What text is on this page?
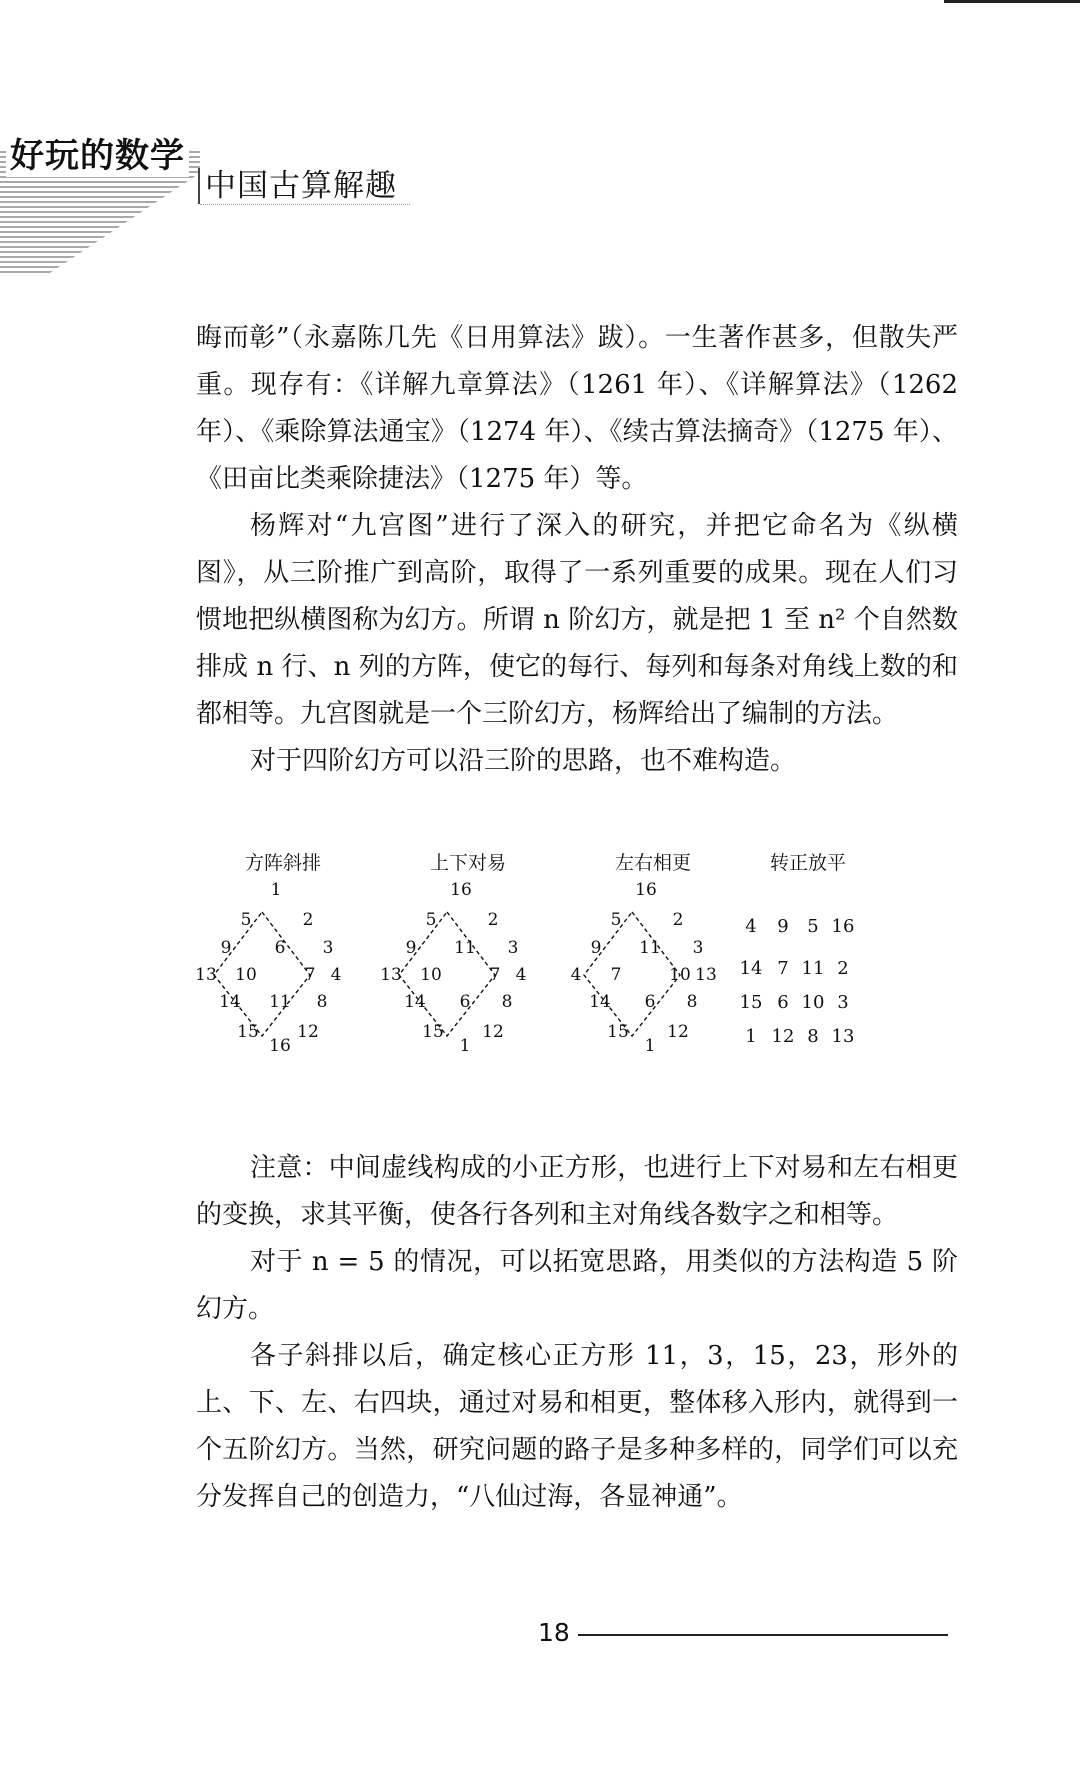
好玩的数学
中国古算解趣

晦而彰”（永嘉陈几先《日用算法》跋）。一生著作甚多，但散失严重。现存有：《详解九章算法》（1261 年）、《详解算法》（1262 年）、《乘除算法通宝》（1274 年）、《续古算法摘奇》（1275 年）、《田亩比类乘除捷法》（1275 年）等。

杨辉对“九宫图”进行了深入的研究，并把它命名为《纵横图》，从三阶推广到高阶，取得了一系列重要的成果。现在人们习惯地把纵横图称为幻方。所谓 n 阶幻方，就是把 1 至 n² 个自然数排成 n 行、n 列的方阵，使它的每行、每列和每条对角线上数的和都相等。九宫图就是一个三阶幻方，杨辉给出了编制的方法。

对于四阶幻方可以沿三阶的思路，也不难构造。

方阵斜排
1
5	2
9	6 3
13 10	7 4
14 11 8
15 12
16
上下对易
16
5	2
9 11 3
13 10	7 4
14 6 8
15 12
1
左右相更
16
5	2
9 11 3
4 7	10 13
14 6 8
15 12
1
转正放平
4 9 5 16
14 7 11 2
15 6 10 3
1 12 8 13

注意：中间虚线构成的小正方形，也进行上下对易和左右相更的变换，求其平衡，使各行各列和主对角线各数字之和相等。

对于 n = 5 的情况，可以拓宽思路，用类似的方法构造 5 阶幻方。

各子斜排以后，确定核心正方形 11，3，15，23，形外的上、下、左、右四块，通过对易和相更，整体移入形内，就得到一个五阶幻方。当然，研究问题的路子是多种多样的，同学们可以充分发挥自己的创造力，“八仙过海，各显神通”。

18
